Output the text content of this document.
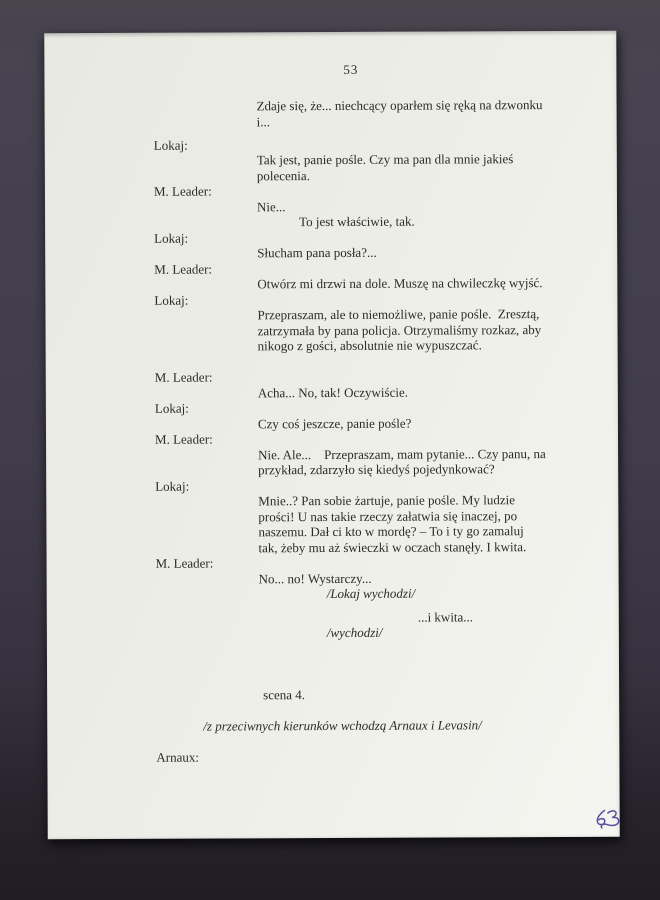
53
Zdaje się, że... niechcący oparłem się ręką na dzwonku
i...
Lokaj:
Tak jest, panie pośle. Czy ma pan dla mnie jakieś
polecenia.
M. Leader:
Nie...
To jest właściwie, tak.
Lokaj:
Słucham pana posła?...
M. Leader:
Otwórz mi drzwi na dole. Muszę na chwileczkę wyjść.
Lokaj:
Przepraszam, ale to niemożliwe, panie pośle.  Zresztą,
zatrzymała by pana policja. Otrzymaliśmy rozkaz, aby
nikogo z gości, absolutnie nie wypuszczać.
M. Leader:
Acha... No, tak! Oczywiście.
Lokaj:
Czy coś jeszcze, panie pośle?
M. Leader:
Nie. Ale...    Przepraszam, mam pytanie... Czy panu, na
przykład, zdarzyło się kiedyś pojedynkować?
Lokaj:
Mnie..? Pan sobie żartuje, panie pośle. My ludzie
prości! U nas takie rzeczy załatwia się inaczej, po
naszemu. Dał ci kto w mordę? – To i ty go zamaluj
tak, żeby mu aż świeczki w oczach stanęły. I kwita.
M. Leader:
No... no! Wystarczy...
/Lokaj wychodzi/
...i kwita...
/wychodzi/
scena 4.
/z przeciwnych kierunków wchodzą Arnaux i Levasin/
Arnaux:
